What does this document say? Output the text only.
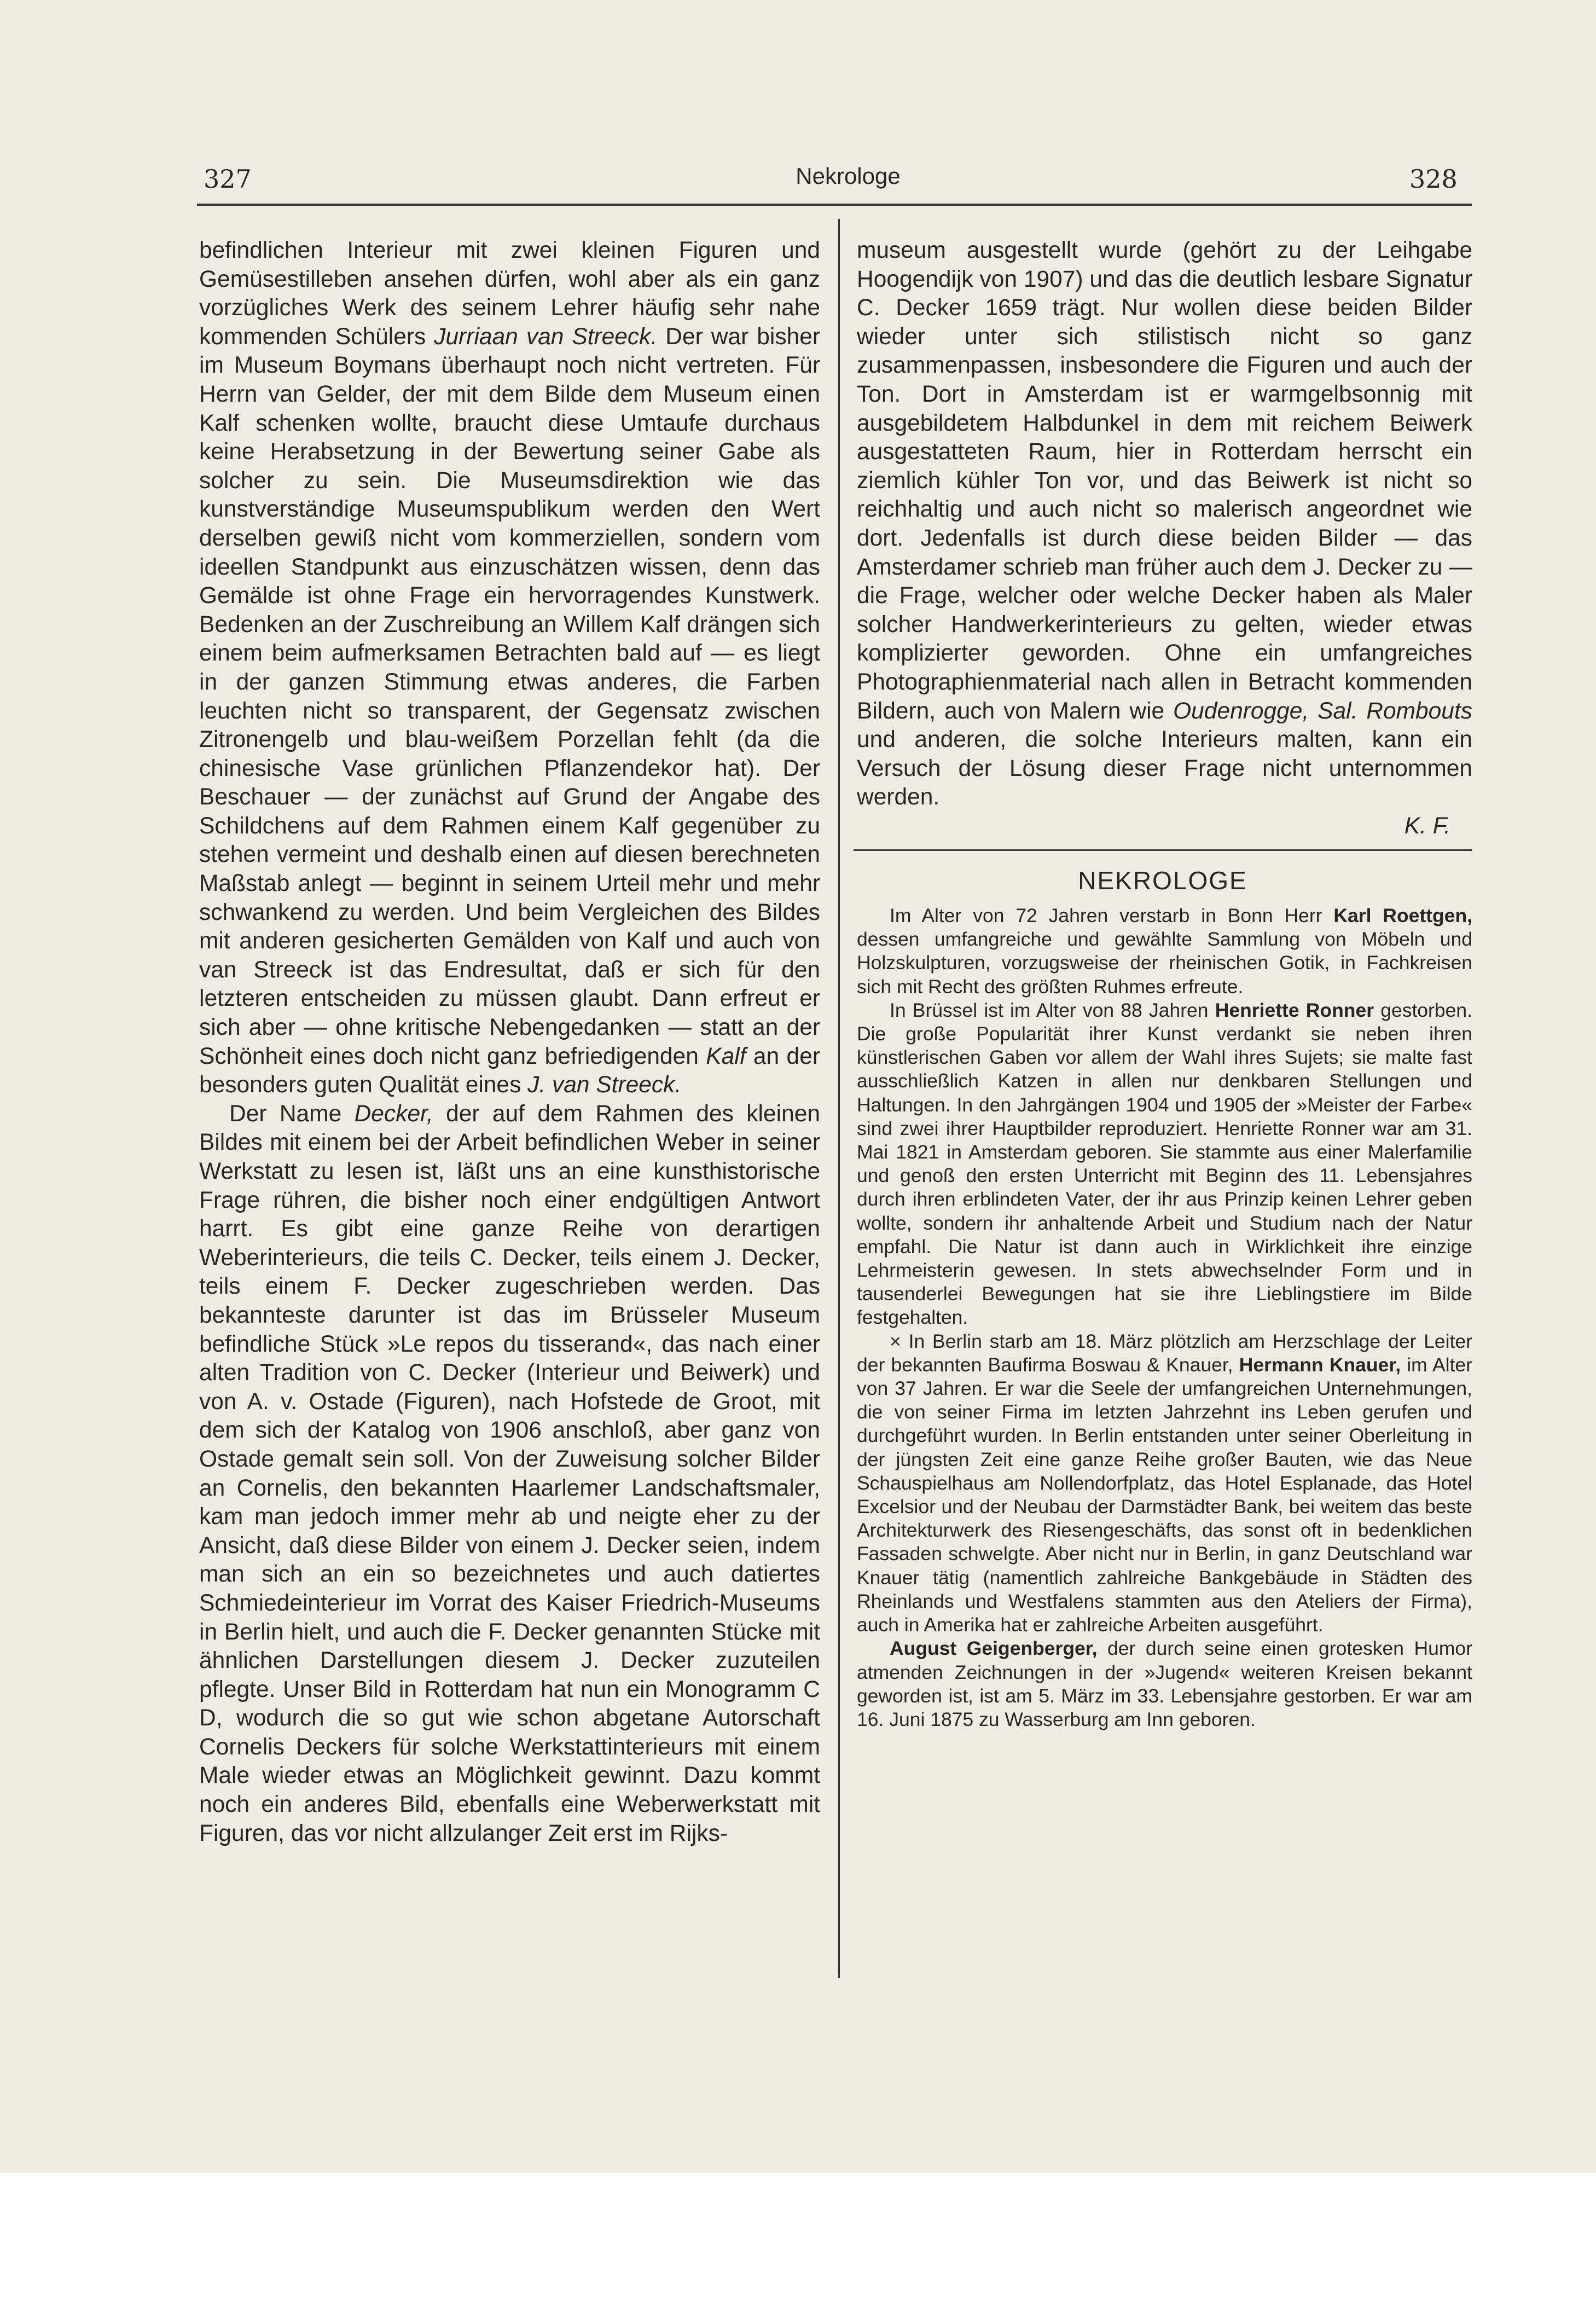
327	Nekrologe	328

befindlichen Interieur mit zwei kleinen Figuren und Gemüsestilleben ansehen dürfen, wohl aber als ein ganz vorzügliches Werk des seinem Lehrer häufig sehr nahe kommenden Schülers Jurriaan van Streeck. Der war bisher im Museum Boymans überhaupt noch nicht vertreten. Für Herrn van Gelder, der mit dem Bilde dem Museum einen Kalf schenken wollte, braucht diese Umtaufe durchaus keine Herabsetzung in der Bewertung seiner Gabe als solcher zu sein. Die Museumsdirektion wie das kunstverständige Museumspublikum werden den Wert derselben gewiß nicht vom kommerziellen, sondern vom ideellen Standpunkt aus einzuschätzen wissen, denn das Gemälde ist ohne Frage ein hervorragendes Kunstwerk. Bedenken an der Zuschreibung an Willem Kalf drängen sich einem beim aufmerksamen Betrachten bald auf — es liegt in der ganzen Stimmung etwas anderes, die Farben leuchten nicht so transparent, der Gegensatz zwischen Zitronengelb und blau-weißem Porzellan fehlt (da die chinesische Vase grünlichen Pflanzendekor hat). Der Beschauer — der zunächst auf Grund der Angabe des Schildchens auf dem Rahmen einem Kalf gegenüber zu stehen vermeint und deshalb einen auf diesen berechneten Maßstab anlegt — beginnt in seinem Urteil mehr und mehr schwankend zu werden. Und beim Vergleichen des Bildes mit anderen gesicherten Gemälden von Kalf und auch von van Streeck ist das Endresultat, daß er sich für den letzteren entscheiden zu müssen glaubt. Dann erfreut er sich aber — ohne kritische Nebengedanken — statt an der Schönheit eines doch nicht ganz befriedigenden Kalf an der besonders guten Qualität eines J. van Streeck.

Der Name Decker, der auf dem Rahmen des kleinen Bildes mit einem bei der Arbeit befindlichen Weber in seiner Werkstatt zu lesen ist, läßt uns an eine kunsthistorische Frage rühren, die bisher noch einer endgültigen Antwort harrt. Es gibt eine ganze Reihe von derartigen Weberinterieurs, die teils C. Decker, teils einem J. Decker, teils einem F. Decker zugeschrieben werden. Das bekannteste darunter ist das im Brüsseler Museum befindliche Stück »Le repos du tisserand«, das nach einer alten Tradition von C. Decker (Interieur und Beiwerk) und von A. v. Ostade (Figuren), nach Hofstede de Groot, mit dem sich der Katalog von 1906 anschloß, aber ganz von Ostade gemalt sein soll. Von der Zuweisung solcher Bilder an Cornelis, den bekannten Haarlemer Landschaftsmaler, kam man jedoch immer mehr ab und neigte eher zu der Ansicht, daß diese Bilder von einem J. Decker seien, indem man sich an ein so bezeichnetes und auch datiertes Schmiedeinterieur im Vorrat des Kaiser Friedrich-Museums in Berlin hielt, und auch die F. Decker genannten Stücke mit ähnlichen Darstellungen diesem J. Decker zuzuteilen pflegte. Unser Bild in Rotterdam hat nun ein Monogramm C D, wodurch die so gut wie schon abgetane Autorschaft Cornelis Deckers für solche Werkstattinterieurs mit einem Male wieder etwas an Möglichkeit gewinnt. Dazu kommt noch ein anderes Bild, ebenfalls eine Weberwerkstatt mit Figuren, das vor nicht allzulanger Zeit erst im Rijks-

museum ausgestellt wurde (gehört zu der Leihgabe Hoogendijk von 1907) und das die deutlich lesbare Signatur C. Decker 1659 trägt. Nur wollen diese beiden Bilder wieder unter sich stilistisch nicht so ganz zusammenpassen, insbesondere die Figuren und auch der Ton. Dort in Amsterdam ist er warmgelbsonnig mit ausgebildetem Halbdunkel in dem mit reichem Beiwerk ausgestatteten Raum, hier in Rotterdam herrscht ein ziemlich kühler Ton vor, und das Beiwerk ist nicht so reichhaltig und auch nicht so malerisch angeordnet wie dort. Jedenfalls ist durch diese beiden Bilder — das Amsterdamer schrieb man früher auch dem J. Decker zu — die Frage, welcher oder welche Decker haben als Maler solcher Handwerkerinterieurs zu gelten, wieder etwas komplizierter geworden. Ohne ein umfangreiches Photographienmaterial nach allen in Betracht kommenden Bildern, auch von Malern wie Oudenrogge, Sal. Rombouts und anderen, die solche Interieurs malten, kann ein Versuch der Lösung dieser Frage nicht unternommen werden.

K. F.
NEKROLOGE

Im Alter von 72 Jahren verstarb in Bonn Herr Karl Roettgen, dessen umfangreiche und gewählte Sammlung von Möbeln und Holzskulpturen, vorzugsweise der rheinischen Gotik, in Fachkreisen sich mit Recht des größten Ruhmes erfreute.

In Brüssel ist im Alter von 88 Jahren Henriette Ronner gestorben. Die große Popularität ihrer Kunst verdankt sie neben ihren künstlerischen Gaben vor allem der Wahl ihres Sujets; sie malte fast ausschließlich Katzen in allen nur denkbaren Stellungen und Haltungen. In den Jahrgängen 1904 und 1905 der »Meister der Farbe« sind zwei ihrer Hauptbilder reproduziert. Henriette Ronner war am 31. Mai 1821 in Amsterdam geboren. Sie stammte aus einer Malerfamilie und genoß den ersten Unterricht mit Beginn des 11. Lebensjahres durch ihren erblindeten Vater, der ihr aus Prinzip keinen Lehrer geben wollte, sondern ihr anhaltende Arbeit und Studium nach der Natur empfahl. Die Natur ist dann auch in Wirklichkeit ihre einzige Lehrmeisterin gewesen. In stets abwechselnder Form und in tausenderlei Bewegungen hat sie ihre Lieblingstiere im Bilde festgehalten.

× In Berlin starb am 18. März plötzlich am Herzschlage der Leiter der bekannten Baufirma Boswau & Knauer, Hermann Knauer, im Alter von 37 Jahren. Er war die Seele der umfangreichen Unternehmungen, die von seiner Firma im letzten Jahrzehnt ins Leben gerufen und durchgeführt wurden. In Berlin entstanden unter seiner Oberleitung in der jüngsten Zeit eine ganze Reihe großer Bauten, wie das Neue Schauspielhaus am Nollendorfplatz, das Hotel Esplanade, das Hotel Excelsior und der Neubau der Darmstädter Bank, bei weitem das beste Architekturwerk des Riesengeschäfts, das sonst oft in bedenklichen Fassaden schwelgte. Aber nicht nur in Berlin, in ganz Deutschland war Knauer tätig (namentlich zahlreiche Bankgebäude in Städten des Rheinlands und Westfalens stammten aus den Ateliers der Firma), auch in Amerika hat er zahlreiche Arbeiten ausgeführt.

August Geigenberger, der durch seine einen grotesken Humor atmenden Zeichnungen in der »Jugend« weiteren Kreisen bekannt geworden ist, ist am 5. März im 33. Lebensjahre gestorben. Er war am 16. Juni 1875 zu Wasserburg am Inn geboren.
